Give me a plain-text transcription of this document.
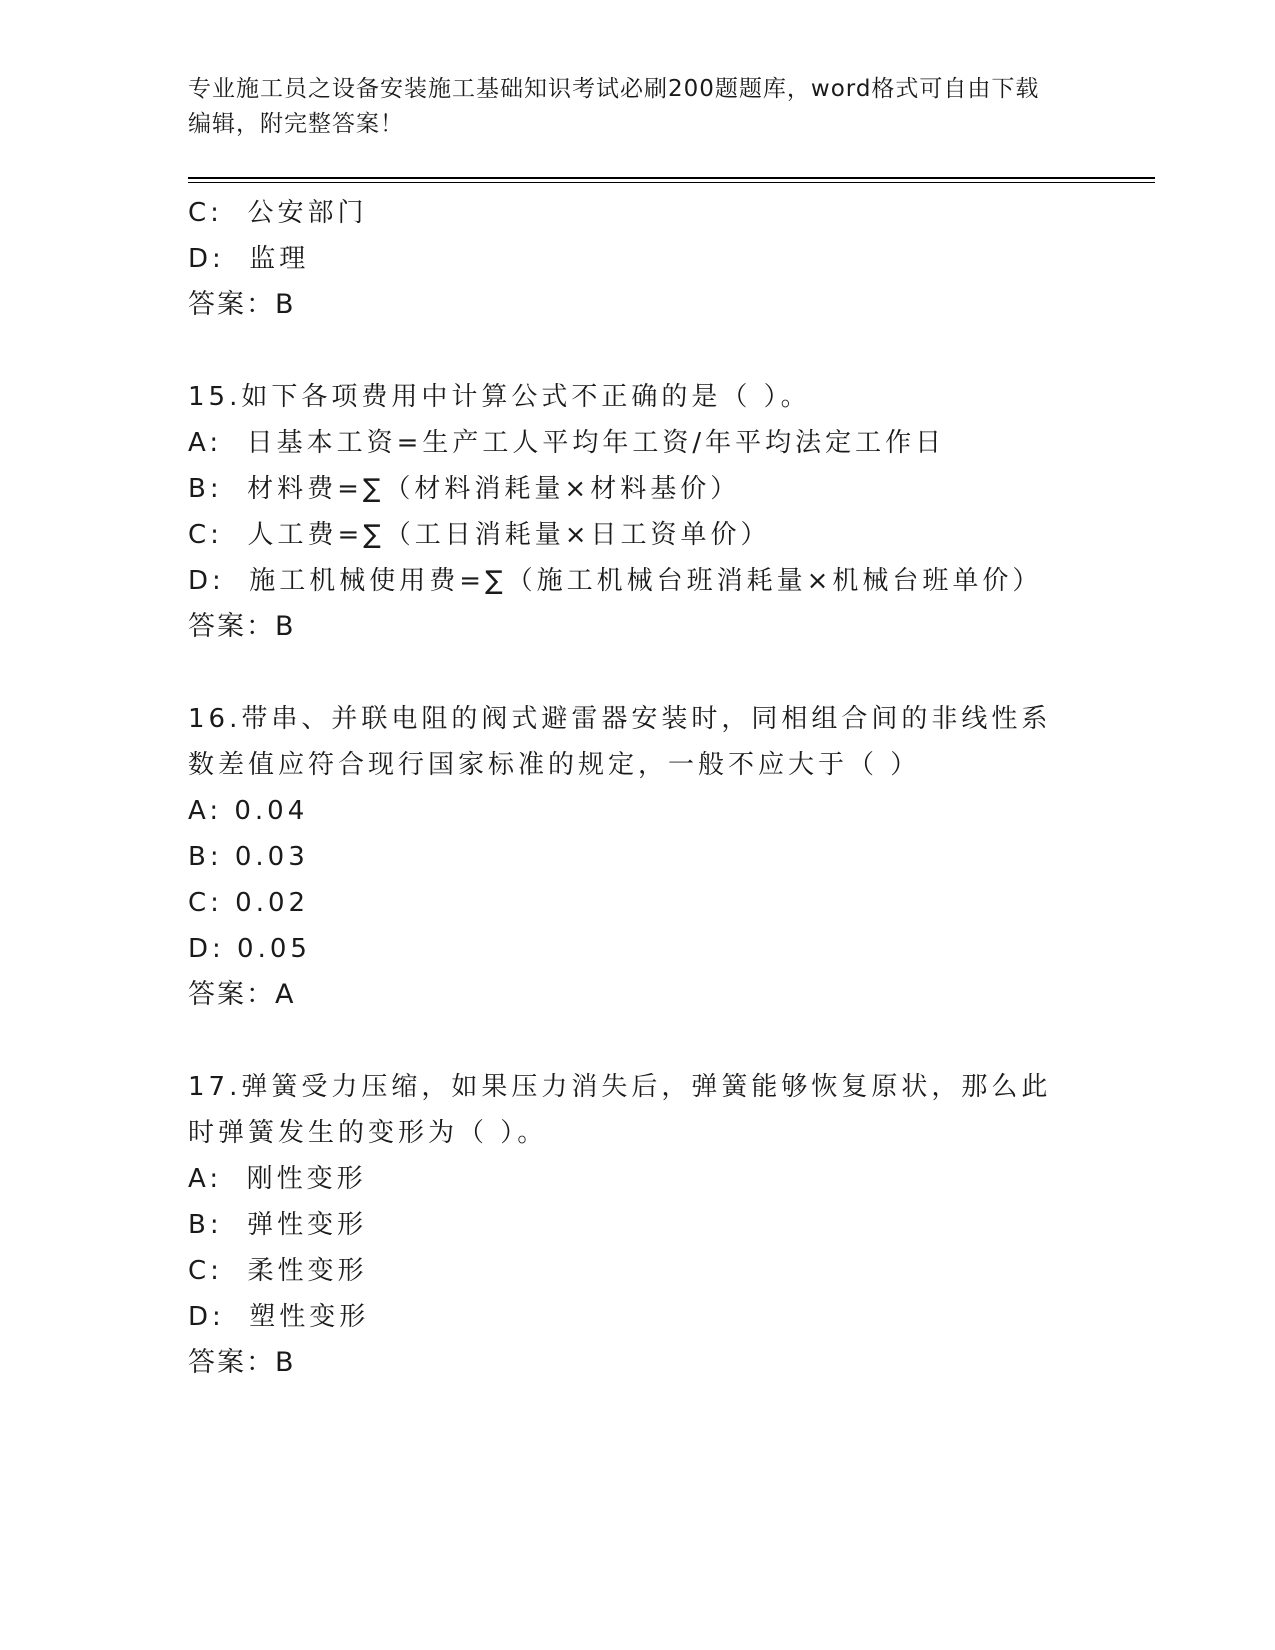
专业施工员之设备安装施工基础知识考试必刷200题题库，word格式可自由下载
编辑，附完整答案！
C:  公安部门
D:  监理
答案：B
15.如下各项费用中计算公式不正确的是（ ）。
A:  日基本工资=生产工人平均年工资/年平均法定工作日
B:  材料费=∑（材料消耗量×材料基价）
C:  人工费=∑（工日消耗量×日工资单价）
D:  施工机械使用费=∑（施工机械台班消耗量×机械台班单价）
答案：B
16.带串、并联电阻的阀式避雷器安装时，同相组合间的非线性系数差值应符合现行国家标准的规定，一般不应大于（ ）
A: 0.04
B: 0.03
C: 0.02
D: 0.05
答案：A
17.弹簧受力压缩，如果压力消失后，弹簧能够恢复原状，那么此时弹簧发生的变形为（ ）。
A:  刚性变形
B:  弹性变形
C:  柔性变形
D:  塑性变形
答案：B
